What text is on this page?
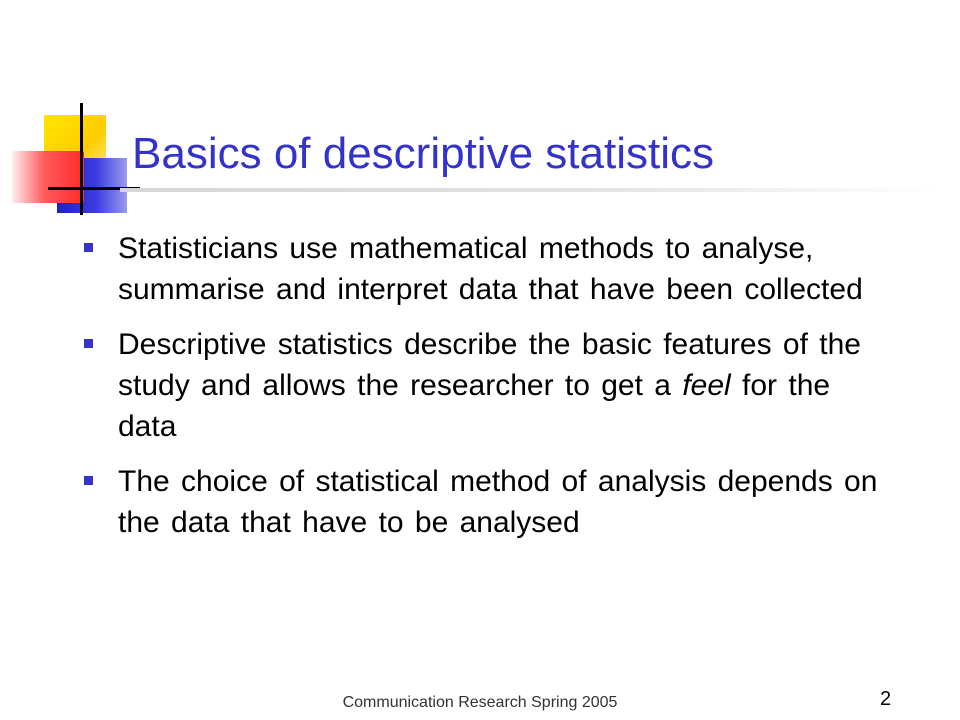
Basics of descriptive statistics
Statisticians use mathematical methods to analyse, summarise and interpret data that have been collected
Descriptive statistics describe the basic features of the study and allows the researcher to get a feel for the data
The choice of statistical method of analysis depends on the data that have to be analysed
Communication Research Spring 2005	2
